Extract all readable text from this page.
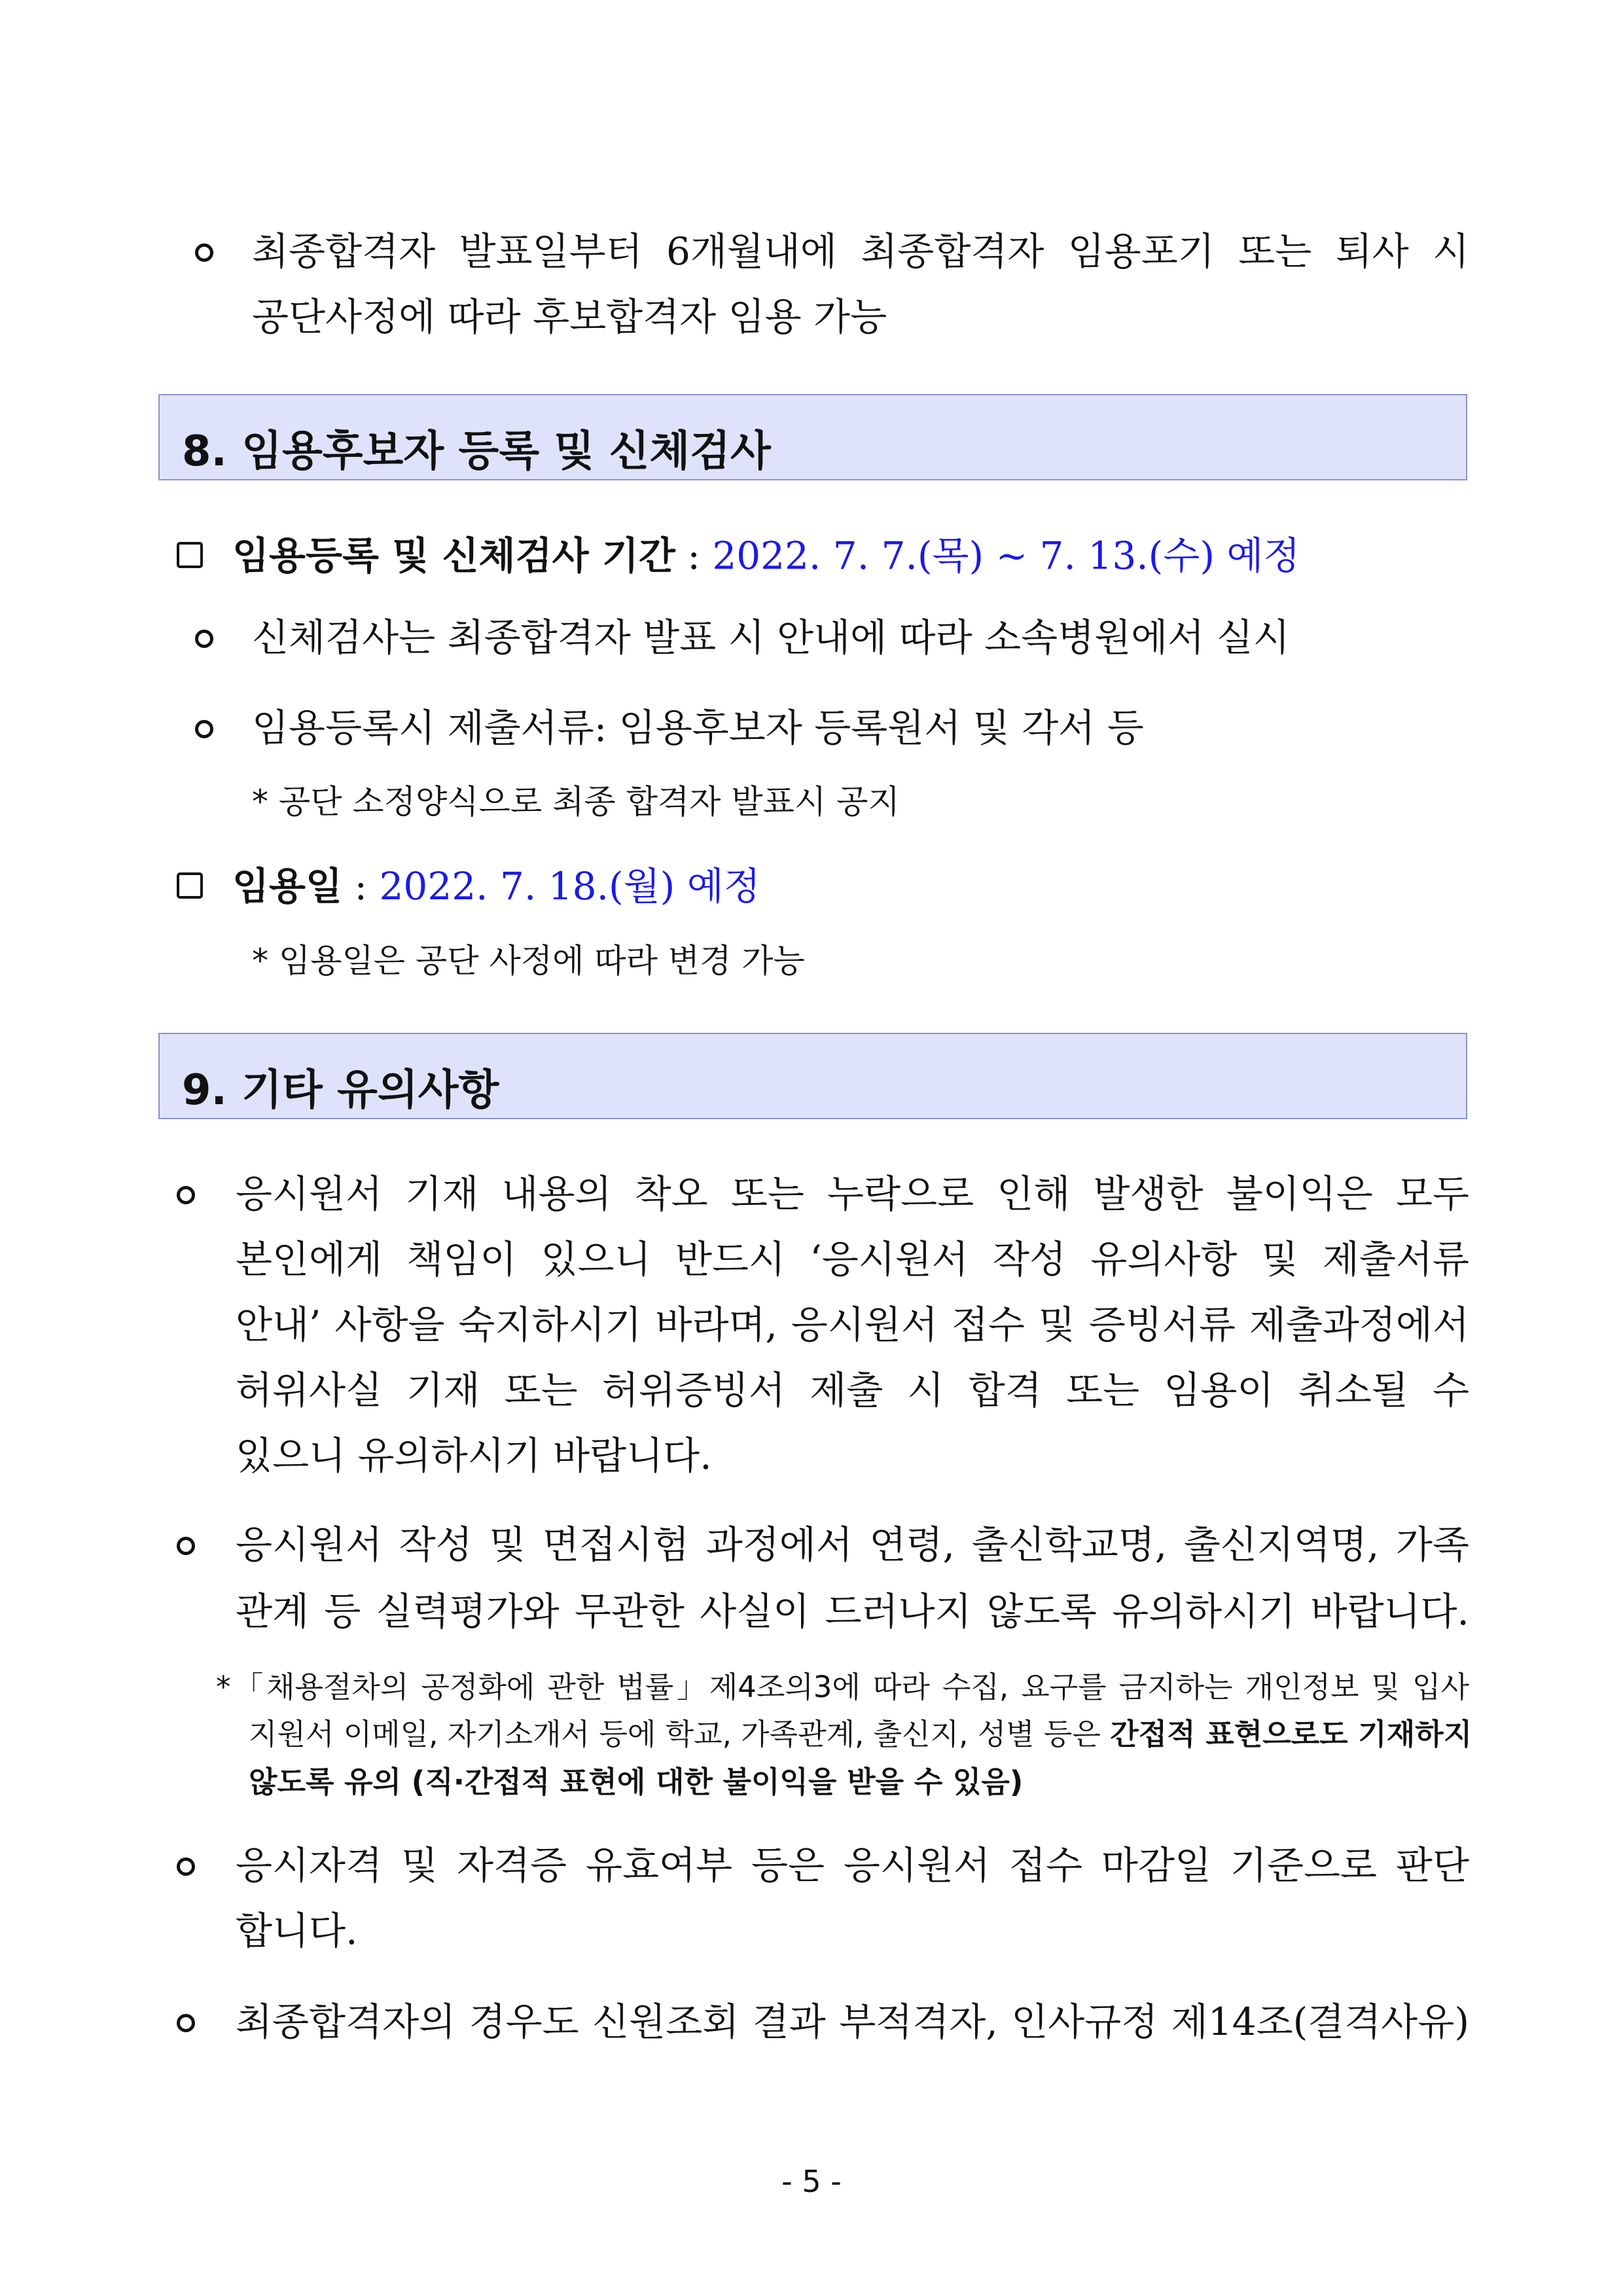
최종합격자 발표일부터 6개월내에 최종합격자 임용포기 또는 퇴사 시
공단사정에 따라 후보합격자 임용 가능
8. 임용후보자 등록 및 신체검사
임용등록 및 신체검사 기간 : 2022. 7. 7.(목) ∼ 7. 13.(수) 예정
신체검사는 최종합격자 발표 시 안내에 따라 소속병원에서 실시
임용등록시 제출서류: 임용후보자 등록원서 및 각서 등
* 공단 소정양식으로 최종 합격자 발표시 공지
임용일 : 2022. 7. 18.(월) 예정
* 임용일은 공단 사정에 따라 변경 가능
9. 기타 유의사항
응시원서 기재 내용의 착오 또는 누락으로 인해 발생한 불이익은 모두
본인에게 책임이 있으니 반드시 ‘응시원서 작성 유의사항 및 제출서류
안내’ 사항을 숙지하시기 바라며, 응시원서 접수 및 증빙서류 제출과정에서
허위사실 기재 또는 허위증빙서 제출 시 합격 또는 임용이 취소될 수
있으니 유의하시기 바랍니다.
응시원서 작성 및 면접시험 과정에서 연령, 출신학교명, 출신지역명, 가족
관계 등 실력평가와 무관한 사실이 드러나지 않도록 유의하시기 바랍니다.
*「채용절차의 공정화에 관한 법률」제4조의3에 따라 수집, 요구를 금지하는 개인정보 및 입사
지원서 이메일, 자기소개서 등에 학교, 가족관계, 출신지, 성별 등은 간접적 표현으로도 기재하지
않도록 유의 (직·간접적 표현에 대한 불이익을 받을 수 있음)
응시자격 및 자격증 유효여부 등은 응시원서 접수 마감일 기준으로 판단
합니다.
최종합격자의 경우도 신원조회 결과 부적격자, 인사규정 제14조(결격사유)
- 5 -
